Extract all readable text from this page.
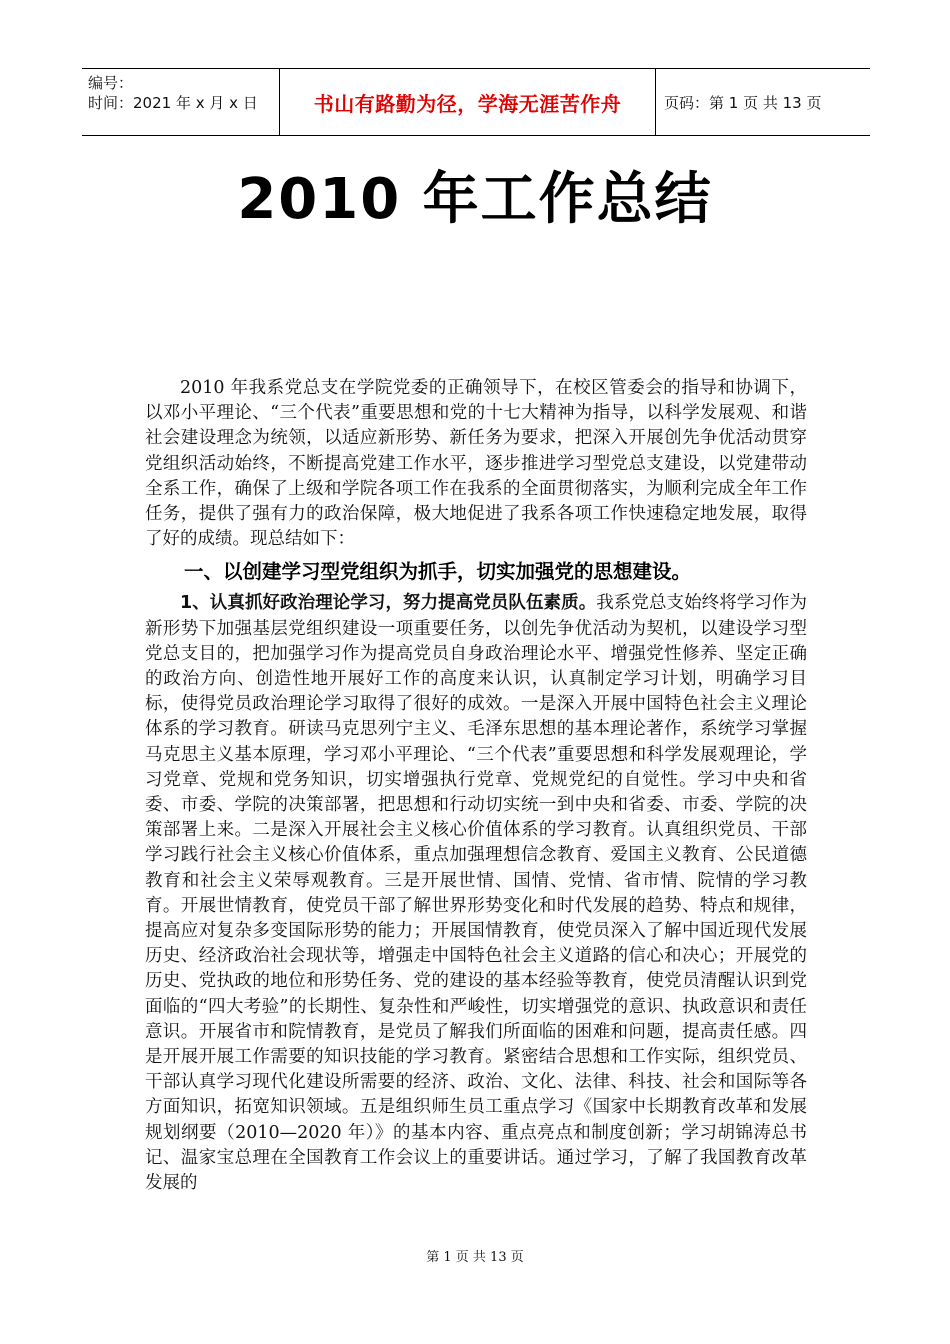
编号：
时间：2021 年 x 月 x 日	书山有路勤为径，学海无涯苦作舟	页码：第 1 页 共 13 页
2010 年工作总结

2010 年我系党总支在学院党委的正确领导下，在校区管委会的指导和协调下，以邓小平理论、“三个代表”重要思想和党的十七大精神为指导，以科学发展观、和谐社会建设理念为统领，以适应新形势、新任务为要求，把深入开展创先争优活动贯穿党组织活动始终，不断提高党建工作水平，逐步推进学习型党总支建设，以党建带动全系工作，确保了上级和学院各项工作在我系的全面贯彻落实，为顺利完成全年工作任务，提供了强有力的政治保障，极大地促进了我系各项工作快速稳定地发展，取得了好的成绩。现总结如下：

一、以创建学习型党组织为抓手，切实加强党的思想建设。

1、认真抓好政治理论学习，努力提高党员队伍素质。我系党总支始终将学习作为新形势下加强基层党组织建设一项重要任务，以创先争优活动为契机，以建设学习型党总支目的，把加强学习作为提高党员自身政治理论水平、增强党性修养、坚定正确的政治方向、创造性地开展好工作的高度来认识，认真制定学习计划，明确学习目标，使得党员政治理论学习取得了很好的成效。一是深入开展中国特色社会主义理论体系的学习教育。研读马克思列宁主义、毛泽东思想的基本理论著作，系统学习掌握马克思主义基本原理，学习邓小平理论、“三个代表”重要思想和科学发展观理论，学习党章、党规和党务知识，切实增强执行党章、党规党纪的自觉性。学习中央和省委、市委、学院的决策部署，把思想和行动切实统一到中央和省委、市委、学院的决策部署上来。二是深入开展社会主义核心价值体系的学习教育。认真组织党员、干部学习践行社会主义核心价值体系，重点加强理想信念教育、爱国主义教育、公民道德教育和社会主义荣辱观教育。三是开展世情、国情、党情、省市情、院情的学习教育。开展世情教育，使党员干部了解世界形势变化和时代发展的趋势、特点和规律，提高应对复杂多变国际形势的能力；开展国情教育，使党员深入了解中国近现代发展历史、经济政治社会现状等，增强走中国特色社会主义道路的信心和决心；开展党的历史、党执政的地位和形势任务、党的建设的基本经验等教育，使党员清醒认识到党面临的“四大考验”的长期性、复杂性和严峻性，切实增强党的意识、执政意识和责任意识。开展省市和院情教育，是党员了解我们所面临的困难和问题，提高责任感。四是开展开展工作需要的知识技能的学习教育。紧密结合思想和工作实际，组织党员、干部认真学习现代化建设所需要的经济、政治、文化、法律、科技、社会和国际等各方面知识，拓宽知识领域。五是组织师生员工重点学习《国家中长期教育改革和发展规划纲要（2010—2020 年）》的基本内容、重点亮点和制度创新；学习胡锦涛总书记、温家宝总理在全国教育工作会议上的重要讲话。通过学习，了解了我国教育改革发展的

第 1 页 共 13 页
